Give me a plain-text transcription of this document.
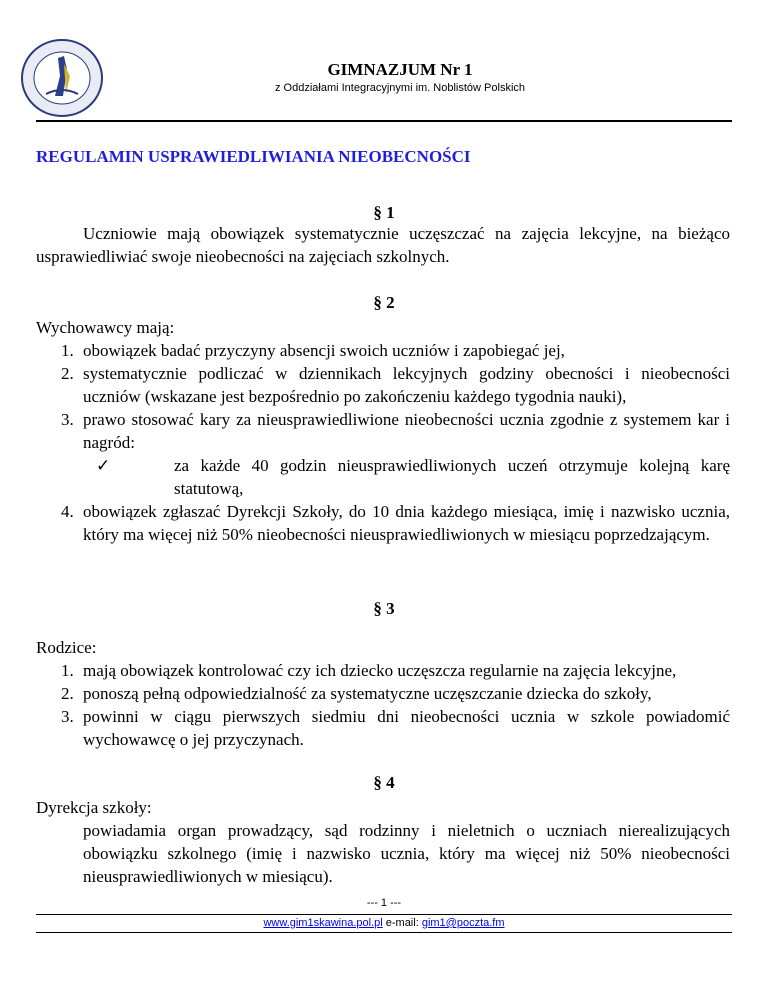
GIMNAZJUM Nr 1
z Oddziałami Integracyjnymi im. Noblistów Polskich
REGULAMIN USPRAWIEDLIWIANIA NIEOBECNOŚCI
§ 1
Uczniowie mają obowiązek systematycznie uczęszczać na zajęcia lekcyjne, na bieżąco usprawiedliwiać swoje nieobecności na zajęciach szkolnych.
§ 2
Wychowawcy mają:
1. obowiązek badać przyczyny absencji swoich uczniów i zapobiegać jej,
2. systematycznie podliczać w dziennikach lekcyjnych godziny obecności i nieobecności uczniów (wskazane jest bezpośrednio po zakończeniu każdego tygodnia nauki),
3. prawo stosować kary za nieusprawiedliwione nieobecności ucznia zgodnie z systemem kar i nagród:
✓	za każde 40 godzin nieusprawiedliwionych uczeń otrzymuje kolejną karę statutową,
4. obowiązek zgłaszać Dyrekcji Szkoły, do 10 dnia każdego miesiąca, imię i nazwisko ucznia, który ma więcej niż 50% nieobecności nieusprawiedliwionych w miesiącu poprzedzającym.
§ 3
Rodzice:
1. mają obowiązek kontrolować czy ich dziecko uczęszcza regularnie na zajęcia lekcyjne,
2. ponoszą pełną odpowiedzialność za systematyczne uczęszczanie dziecka do szkoły,
3. powinni w ciągu pierwszych siedmiu dni nieobecności ucznia w szkole powiadomić wychowawcę o jej przyczynach.
§ 4
Dyrekcja szkoły:
powiadamia organ prowadzący, sąd rodzinny i nieletnich o uczniach nierealizujących obowiązku szkolnego (imię i nazwisko ucznia, który ma więcej niż 50% nieobecności nieusprawiedliwionych w miesiącu).
--- 1 ---
www.gim1skawina.pol.pl e-mail: gim1@poczta.fm
